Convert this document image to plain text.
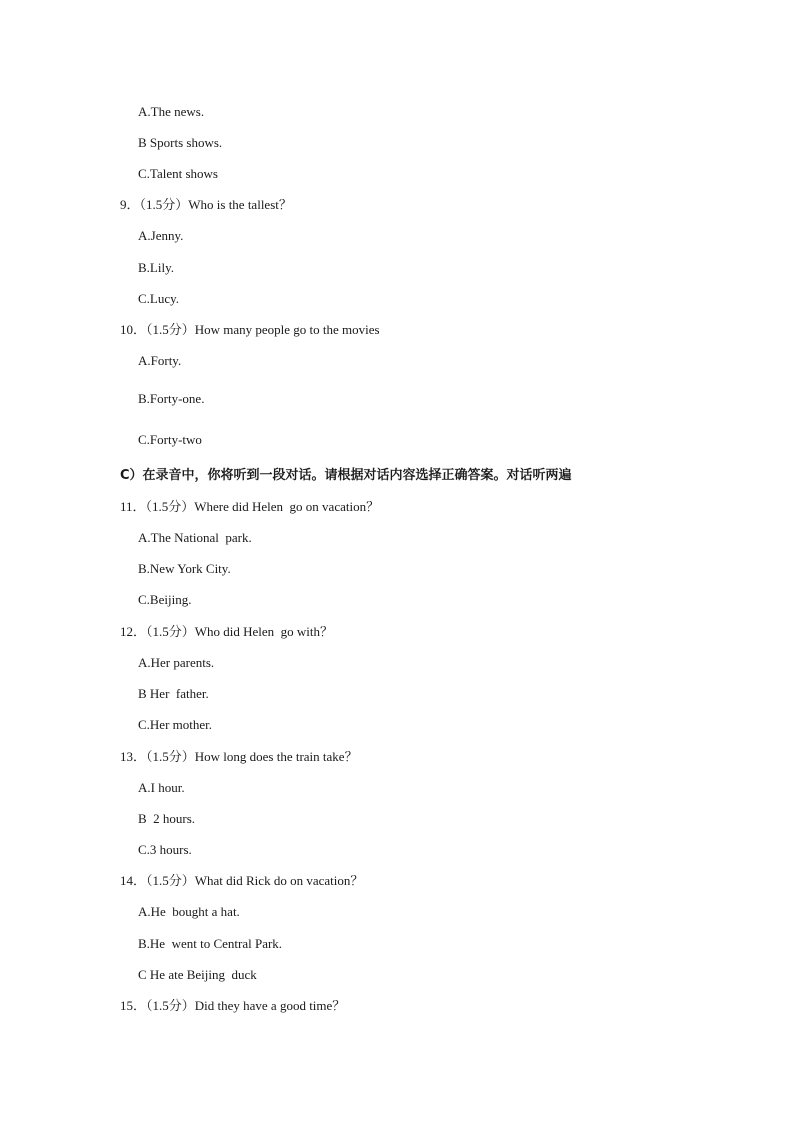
A.The news.
B Sports shows.
C.Talent shows
9．（1.5分）Who is the tallest？
A.Jenny.
B.Lily.
C.Lucy.
10．（1.5分）How many people go to the movies
A.Forty.
B.Forty-one.
C.Forty-two
C）在录音中，你将听到一段对话。请根据对话内容选择正确答案。对话听两遍
11．（1.5分）Where did Helen  go on vacation？
A.The National  park.
B.New York City.
C.Beijing.
12．（1.5分）Who did Helen  go with？
A.Her parents.
B Her  father.
C.Her mother.
13．（1.5分）How long does the train take？
A.I hour.
B  2 hours.
C.3 hours.
14．（1.5分）What did Rick do on vacation？
A.He  bought a hat.
B.He  went to Central Park.
C He ate Beijing  duck
15．（1.5分）Did they have a good time？
